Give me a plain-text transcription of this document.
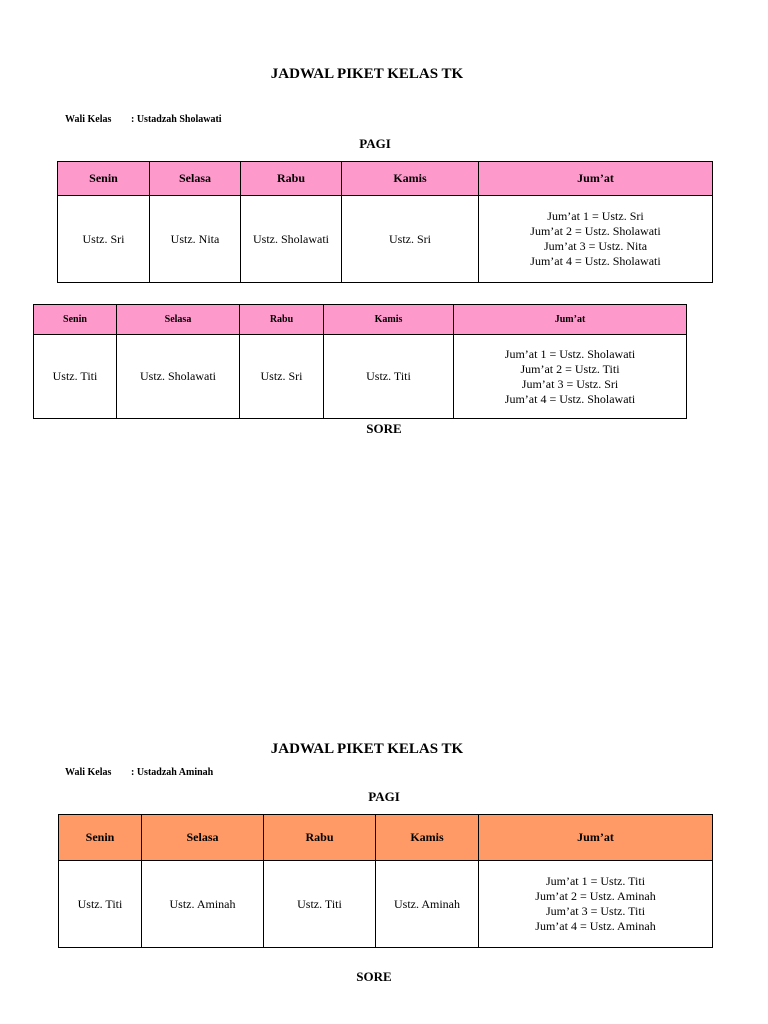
JADWAL PIKET KELAS TK
Wali Kelas : Ustadzah Sholawati
PAGI
Senin	Selasa	Rabu	Kamis	Jum’at
Ustz. Sri	Ustz. Nita	Ustz. Sholawati	Ustz. Sri	Jum’at 1 = Ustz. Sri
Jum’at 2 = Ustz. Sholawati
Jum’at 3 = Ustz. Nita
Jum’at 4 = Ustz. Sholawati
Senin	Selasa	Rabu	Kamis	Jum’at
Ustz. Titi	Ustz. Sholawati	Ustz. Sri	Ustz. Titi	Jum’at 1 = Ustz. Sholawati
Jum’at 2 = Ustz. Titi
Jum’at 3 = Ustz. Sri
Jum’at 4 = Ustz. Sholawati
SORE
JADWAL PIKET KELAS TK
Wali Kelas : Ustadzah Aminah
PAGI
Senin	Selasa	Rabu	Kamis	Jum’at
Ustz. Titi	Ustz. Aminah	Ustz. Titi	Ustz. Aminah	Jum’at 1 = Ustz. Titi
Jum’at 2 = Ustz. Aminah
Jum’at 3 = Ustz. Titi
Jum’at 4 = Ustz. Aminah
SORE
